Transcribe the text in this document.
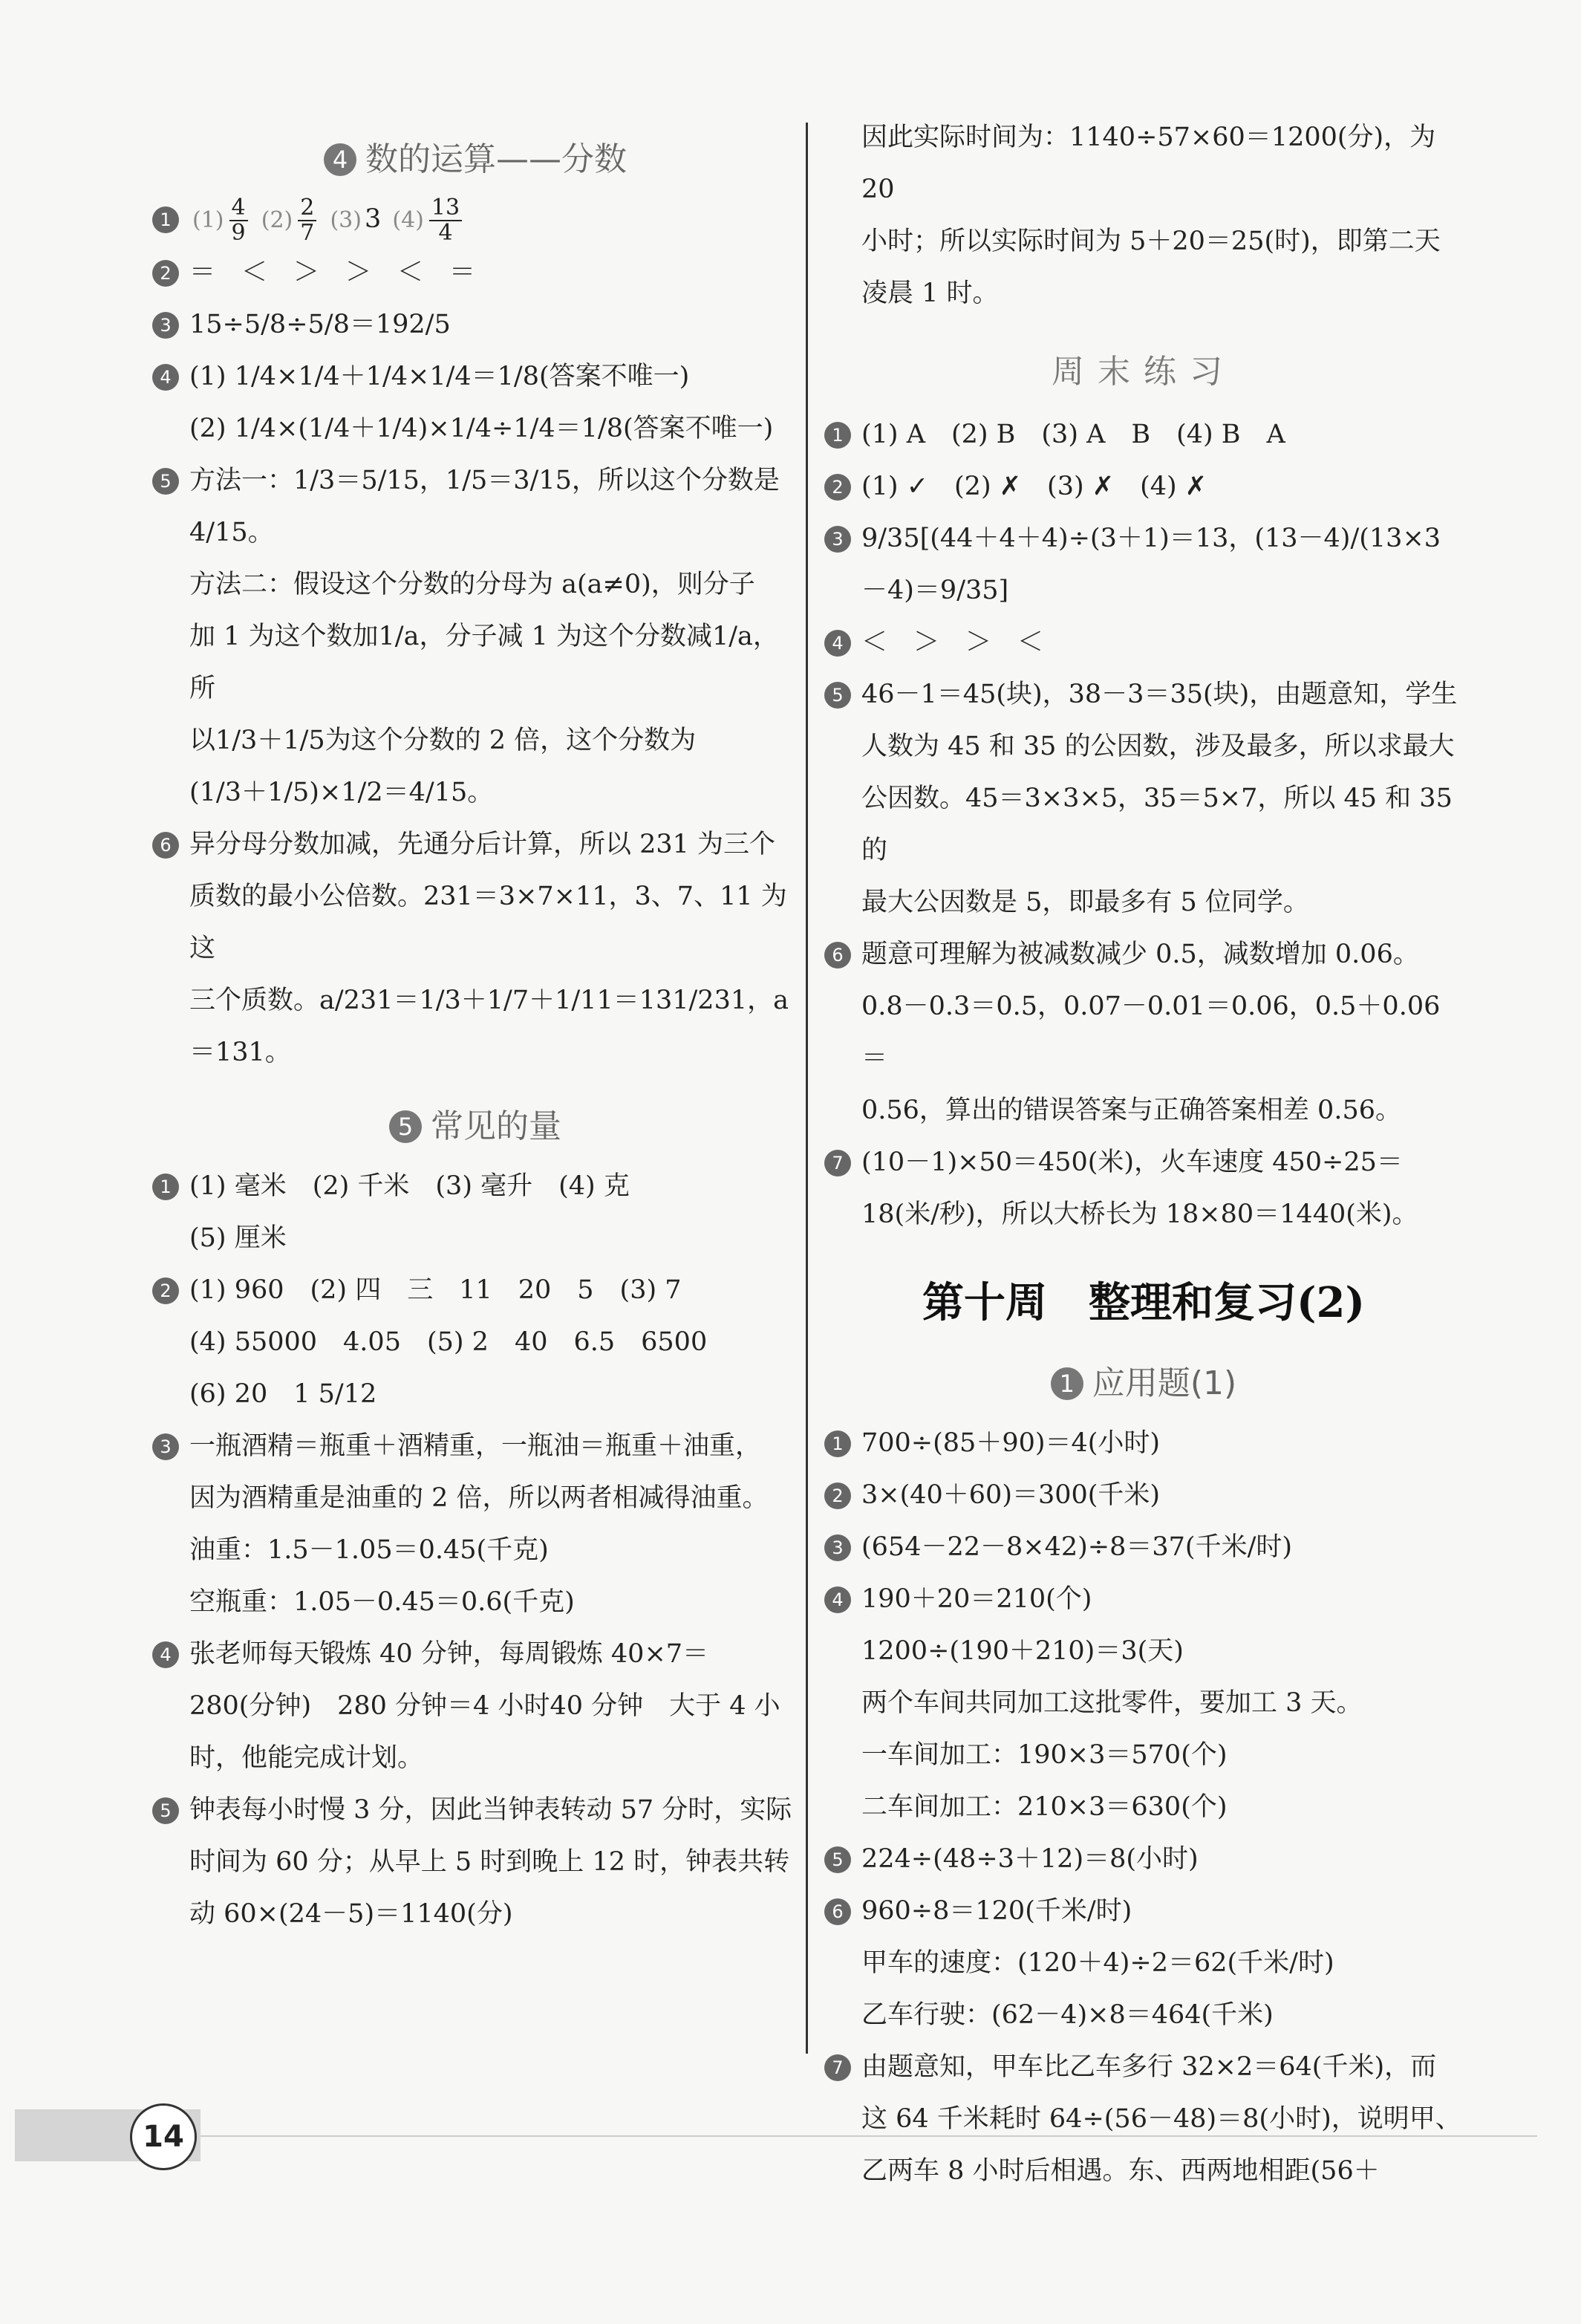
4 数的运算——分数
1 $(1) \frac{4}{9} (2) \frac{2}{7} (3)$ 3 $(4) \frac{13}{4}$
2 ＝　＜　＞　＞　＜　＝
3 15÷5/8÷5/8＝192/5
4 (1) 1/4×1/4＋1/4×1/4＝1/8(答案不唯一)
(2) 1/4×(1/4＋1/4)×1/4÷1/4＝1/8(答案不唯一)
5 方法一：1/3＝5/15，1/5＝3/15，所以这个分数是4/15。
方法二：假设这个分数的分母为 a(a≠0)，则分子
加 1 为这个数加1/a，分子减 1 为这个分数减1/a，所
以1/3＋1/5为这个分数的 2 倍，这个分数为
(1/3＋1/5)×1/2＝4/15。
6 异分母分数加减，先通分后计算，所以 231 为三个
质数的最小公倍数。231＝3×7×11，3、7、11 为这
三个质数。a/231＝1/3＋1/7＋1/11＝131/231，a＝131。
5 常见的量
1 (1) 毫米　(2) 千米　(3) 毫升　(4) 克
(5) 厘米
2 (1) 960　(2) 四　三　11　20　5　(3) 7
(4) 55000　4.05　(5) 2　40　6.5　6500
(6) 20　1 5/12
3 一瓶酒精＝瓶重＋酒精重，一瓶油＝瓶重＋油重，
因为酒精重是油重的 2 倍，所以两者相减得油重。
油重：1.5－1.05＝0.45(千克)
空瓶重：1.05－0.45＝0.6(千克)
4 张老师每天锻炼 40 分钟，每周锻炼 40×7＝
280(分钟)　280 分钟＝4 小时40 分钟　大于 4 小
时，他能完成计划。
5 钟表每小时慢 3 分，因此当钟表转动 57 分时，实际
时间为 60 分；从早上 5 时到晚上 12 时，钟表共转
动 60×(24－5)＝1140(分)
因此实际时间为：1140÷57×60＝1200(分)，为 20
小时；所以实际时间为 5＋20＝25(时)，即第二天
凌晨 1 时。
周末练习
1 (1) A　(2) B　(3) A　B　(4) B　A
2 (1) ✓　(2) ✗　(3) ✗　(4) ✗
3 9/35[(44＋4＋4)÷(3＋1)＝13，(13－4)/(13×3－4)＝9/35]
4 ＜　＞　＞　＜
5 46－1＝45(块)，38－3＝35(块)，由题意知，学生
人数为 45 和 35 的公因数，涉及最多，所以求最大
公因数。45＝3×3×5，35＝5×7，所以 45 和 35 的
最大公因数是 5，即最多有 5 位同学。
6 题意可理解为被减数减少 0.5，减数增加 0.06。
0.8－0.3＝0.5，0.07－0.01＝0.06，0.5＋0.06＝
0.56，算出的错误答案与正确答案相差 0.56。
7 (10－1)×50＝450(米)，火车速度 450÷25＝
18(米/秒)，所以大桥长为 18×80＝1440(米)。
第十周　整理和复习(2)
1 应用题(1)
1 700÷(85＋90)＝4(小时)
2 3×(40＋60)＝300(千米)
3 (654－22－8×42)÷8＝37(千米/时)
4 190＋20＝210(个)
1200÷(190＋210)＝3(天)
两个车间共同加工这批零件，要加工 3 天。
一车间加工：190×3＝570(个)
二车间加工：210×3＝630(个)
5 224÷(48÷3＋12)＝8(小时)
6 960÷8＝120(千米/时)
甲车的速度：(120＋4)÷2＝62(千米/时)
乙车行驶：(62－4)×8＝464(千米)
7 由题意知，甲车比乙车多行 32×2＝64(千米)，而
这 64 千米耗时 64÷(56－48)＝8(小时)，说明甲、
乙两车 8 小时后相遇。东、西两地相距(56＋
14
